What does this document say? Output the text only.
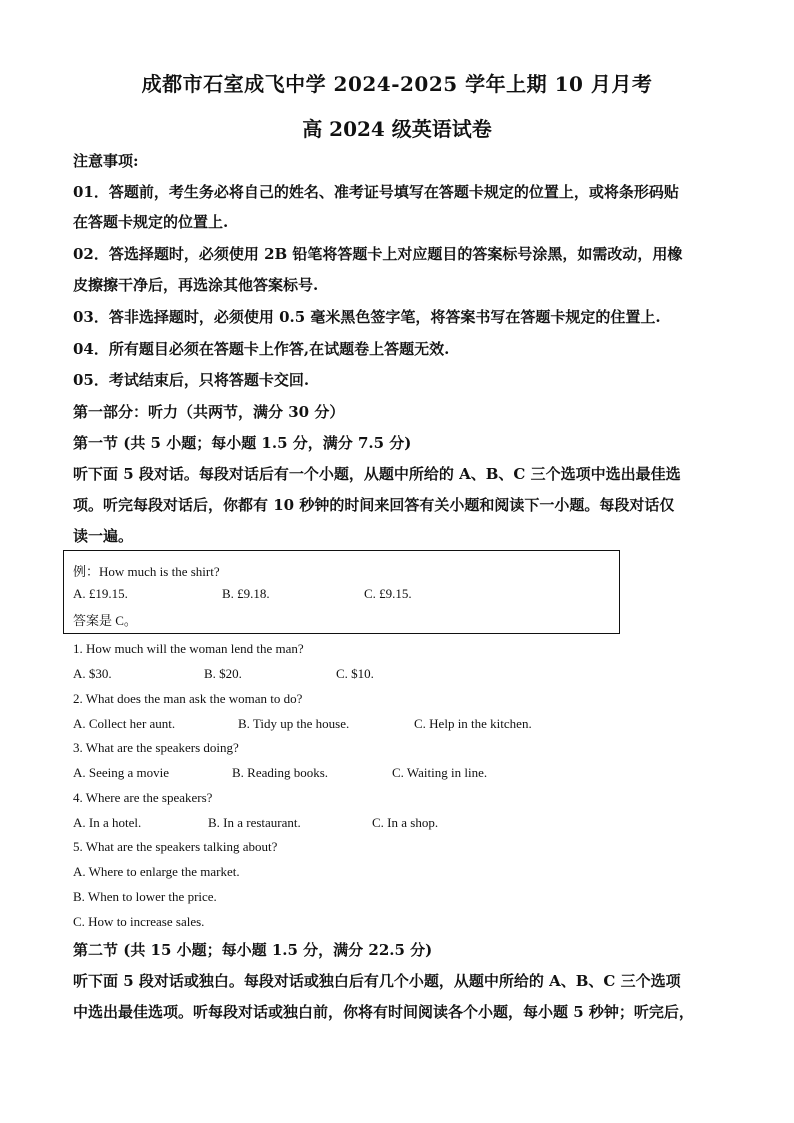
成都市石室成飞中学 2024-2025 学年上期 10 月月考
高 2024 级英语试卷
注意事项:
01．答题前，考生务必将自己的姓名、准考证号填写在答题卡规定的位置上，或将条形码贴
在答题卡规定的位置上.
02．答选择题时，必须使用 2B 铅笔将答题卡上对应题目的答案标号涂黑，如需改动，用橡
皮擦擦干净后，再选涂其他答案标号.
03．答非选择题时，必须使用 0.5 毫米黑色签字笔，将答案书写在答题卡规定的住置上.
04．所有题目必须在答题卡上作答,在试题卷上答题无效.
05．考试结束后，只将答题卡交回.
第一部分：听力（共两节，满分 30 分）
第一节 (共 5 小题；每小题 1.5 分，满分 7.5 分)
听下面 5 段对话。每段对话后有一个小题，从题中所给的 A、B、C 三个选项中选出最佳选
项。听完每段对话后，你都有 10 秒钟的时间来回答有关小题和阅读下一小题。每段对话仅
读一遍。
例：How much is the shirt?
A. £19.15.	B. £9.18.	C. £9.15.
答案是 C。
1. How much will the woman lend the man?
A. $30.	B. $20.	C. $10.
2. What does the man ask the woman to do?
A. Collect her aunt.	B. Tidy up the house.	C. Help in the kitchen.
3. What are the speakers doing?
A. Seeing a movie	B. Reading books.	C. Waiting in line.
4. Where are the speakers?
A. In a hotel.	B. In a restaurant.	C. In a shop.
5. What are the speakers talking about?
A. Where to enlarge the market.
B. When to lower the price.
C. How to increase sales.
第二节 (共 15 小题；每小题 1.5 分，满分 22.5 分)
听下面 5 段对话或独白。每段对话或独白后有几个小题，从题中所给的 A、B、C 三个选项
中选出最佳选项。听每段对话或独白前，你将有时间阅读各个小题，每小题 5 秒钟；听完后，
